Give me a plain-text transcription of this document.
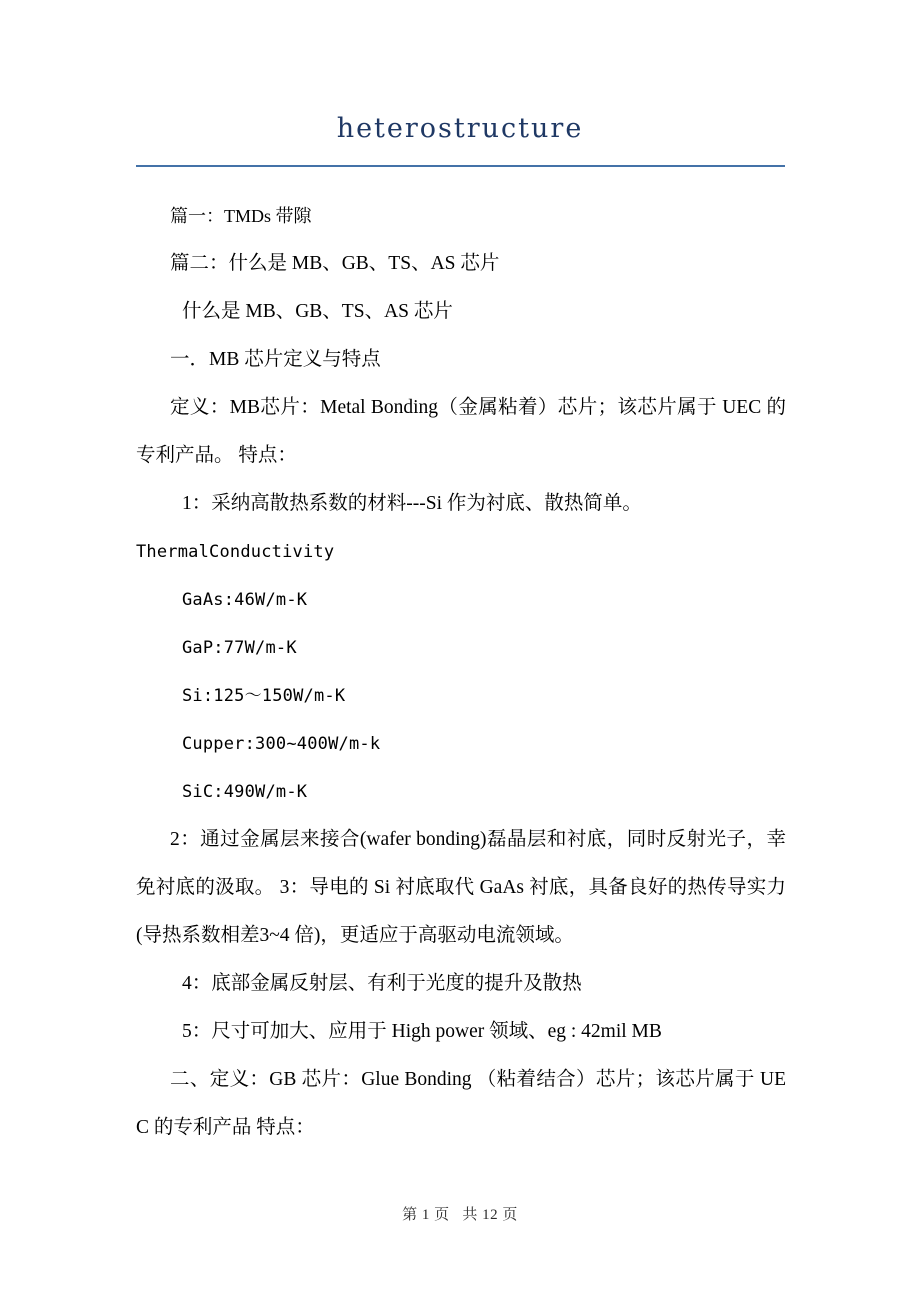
heterostructure
篇一：TMDs 带隙
篇二：什么是 MB、GB、TS、AS 芯片
什么是 MB、GB、TS、AS 芯片
一．MB 芯片定义与特点
定义：MB芯片：Metal Bonding（金属粘着）芯片；该芯片属于 UEC 的专利产品。 特点：
1：采纳高散热系数的材料---Si 作为衬底、散热简单。
ThermalConductivity
GaAs:46W/m-K
GaP:77W/m-K
Si:125～150W/m-K
Cupper:300~400W/m-k
SiC:490W/m-K
2：通过金属层来接合(wafer bonding)磊晶层和衬底，同时反射光子，幸免衬底的汲取。 3：导电的 Si 衬底取代 GaAs 衬底，具备良好的热传导实力(导热系数相差3~4 倍)，更适应于高驱动电流领域。
4：底部金属反射层、有利于光度的提升及散热
5：尺寸可加大、应用于 High power 领域、eg : 42mil MB
二、定义：GB 芯片：Glue Bonding （粘着结合）芯片；该芯片属于 UEC 的专利产品 特点：
第 1 页   共 12 页
